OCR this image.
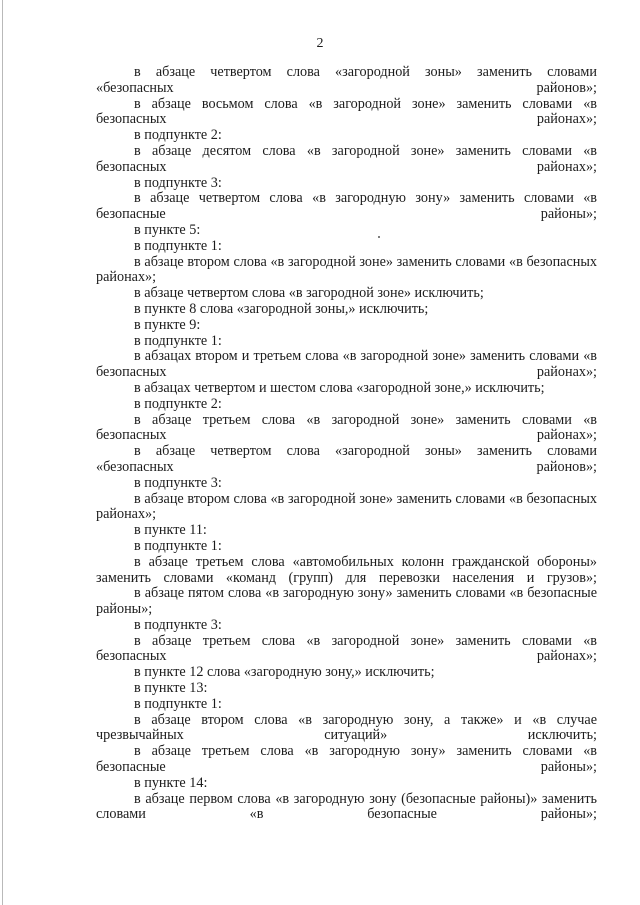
2

в абзаце четвертом слова «загородной зоны» заменить словами «безопасных районов»;

в абзаце восьмом слова «в загородной зоне» заменить словами «в безопасных районах»;

в подпункте 2:

в абзаце десятом слова «в загородной зоне» заменить словами «в безопасных районах»;

в подпункте 3:

в абзаце четвертом слова «в загородную зону» заменить словами «в безопасные районы»;

в пункте 5:

в подпункте 1:

в абзаце втором слова «в загородной зоне» заменить словами «в безопасных районах»;

в абзаце четвертом слова «в загородной зоне» исключить;

в пункте 8 слова «загородной зоны,» исключить;

в пункте 9:

в подпункте 1:

в абзацах втором и третьем слова «в загородной зоне» заменить словами «в безопасных районах»;

в абзацах четвертом и шестом слова «загородной зоне,» исключить;

в подпункте 2:

в абзаце третьем слова «в загородной зоне» заменить словами «в безопасных районах»;

в абзаце четвертом слова «загородной зоны» заменить словами «безопасных районов»;

в подпункте 3:

в абзаце втором слова «в загородной зоне» заменить словами «в безопасных районах»;

в пункте 11:

в подпункте 1:

в абзаце третьем слова «автомобильных колонн гражданской обороны» заменить словами «команд (групп) для перевозки населения и грузов»;

в абзаце пятом слова «в загородную зону» заменить словами «в безопасные районы»;

в подпункте 3:

в абзаце третьем слова «в загородной зоне» заменить словами «в безопасных районах»;

в пункте 12 слова «загородную зону,» исключить;

в пункте 13:

в подпункте 1:

в абзаце втором слова «в загородную зону, а также» и «в случае чрезвычайных ситуаций» исключить;

в абзаце третьем слова «в загородную зону» заменить словами «в безопасные районы»;

в пункте 14:

в абзаце первом слова «в загородную зону (безопасные районы)» заменить словами «в безопасные районы»;
